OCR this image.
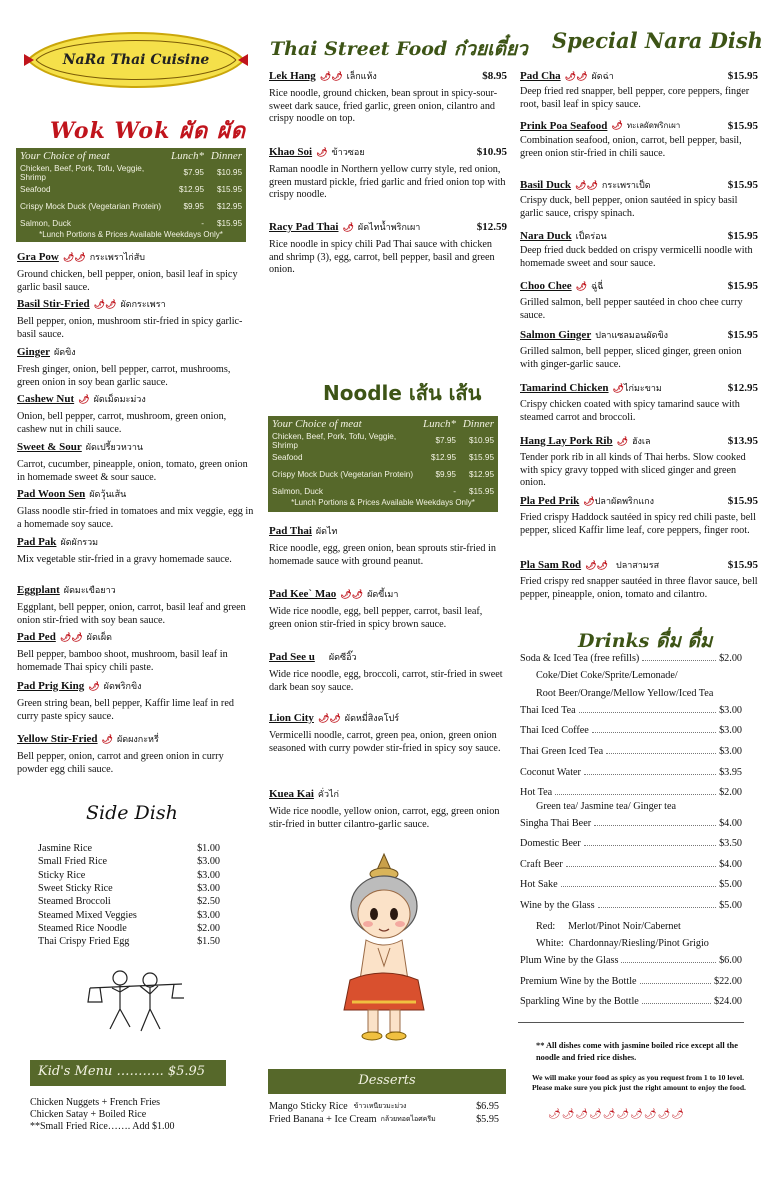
NaRa Thai Cuisine
Wok Wok ผัด ผัด
Your Choice of meat	Lunch* Dinner
Chicken, Beef, Pork, Tofu, Veggie, Shrimp	$7.95	$10.95
Seafood	$12.95	$15.95
Crispy Mock Duck (Vegetarian Protein)	$9.95	$12.95
Salmon, Duck	-	$15.95
*Lunch Portions & Prices Available Weekdays Only*
Gra Pow 🌶🌶 กระเพราไก่สับ
Ground chicken, bell pepper, onion, basil leaf in spicy garlic basil sauce.
Basil Stir-Fried 🌶🌶 ผัดกระเพรา
Bell pepper, onion, mushroom stir-fried in spicy garlic-basil sauce.
Ginger ผัดขิง
Fresh ginger, onion, bell pepper, carrot, mushrooms, green onion in soy bean garlic sauce.
Cashew Nut 🌶 ผัดเม็ดมะม่วง
Onion, bell pepper, carrot, mushroom, green onion, cashew nut in chili sauce.
Sweet & Sour ผัดเปรี้ยวหวาน
Carrot, cucumber, pineapple, onion, tomato, green onion in homemade sweet & sour sauce.
Pad Woon Sen ผัดวุ้นเส้น
Glass noodle stir-fried in tomatoes and mix veggie, egg in a homemade soy sauce.
Pad Pak ผัดผักรวม
Mix vegetable stir-fried in a gravy homemade sauce.
Eggplant ผัดมะเขือยาว
Eggplant, bell pepper, onion, carrot, basil leaf and green onion stir-fried with soy bean sauce.
Pad Ped 🌶🌶 ผัดเผ็ด
Bell pepper, bamboo shoot, mushroom, basil leaf in homemade Thai spicy chili paste.
Pad Prig King 🌶 ผัดพริกขิง
Green string bean, bell pepper, Kaffir lime leaf in red curry paste spicy sauce.
Yellow Stir-Fried 🌶 ผัดผงกะหรี่
Bell pepper, onion, carrot and green onion in curry powder egg chili sauce.
Side Dish
Jasmine Rice	$1.00
Small Fried Rice	$3.00
Sticky Rice	$3.00
Sweet Sticky Rice	$3.00
Steamed Broccoli	$2.50
Steamed Mixed Veggies	$3.00
Steamed Rice Noodle	$2.00
Thai Crispy Fried Egg	$1.50
Kid's Menu ……….. $5.95
Chicken Nuggets + French Fries
Chicken Satay + Boiled Rice
**Small Fried Rice……. Add $1.00
Thai Street Food ก๋วยเตี๋ยว
Lek Hang 🌶🌶 เล็กแห้ง	$8.95
Rice noodle, ground chicken, bean sprout in spicy-sour-sweet dark sauce, fried garlic, green onion, cilantro and crispy noodle on top.
Khao Soi 🌶 ข้าวซอย	$10.95
Raman noodle in Northern yellow curry style, red onion, green mustard pickle, fried garlic and fried onion top with crispy noodle.
Racy Pad Thai 🌶 ผัดไทน้ำพริกเผา	$12.59
Rice noodle in spicy chili Pad Thai sauce with chicken and shrimp (3), egg, carrot, bell pepper, basil and green onion.
Noodle เส้น เส้น
Your Choice of meat	Lunch* Dinner
Chicken, Beef, Pork, Tofu, Veggie, Shrimp	$7.95	$10.95
Seafood	$12.95	$15.95
Crispy Mock Duck (Vegetarian Protein)	$9.95	$12.95
Salmon, Duck	-	$15.95
*Lunch Portions & Prices Available Weekdays Only*
Pad Thai ผัดไท
Rice noodle, egg, green onion, bean sprouts stir-fried in homemade sauce with ground peanut.
Pad Kee` Mao 🌶🌶 ผัดขี้เมา
Wide rice noodle, egg, bell pepper, carrot, basil leaf, green onion stir-fried in spicy brown sauce.
Pad See u ผัดซีอิ๊ว
Wide rice noodle, egg, broccoli, carrot, stir-fried in sweet dark bean soy sauce.
Lion City 🌶🌶 ผัดหมี่สิงคโปร์
Vermicelli noodle, carrot, green pea, onion, green onion seasoned with curry powder stir-fried in spicy soy sauce.
Kuea Kai คั่วไก่
Wide rice noodle, yellow onion, carrot, egg, green onion stir-fried in butter cilantro-garlic sauce.
Desserts
Mango Sticky Rice ข้าวเหนียวมะม่วง	$6.95
Fried Banana + Ice Cream กล้วยทอดไอศครีม	$5.95
Special Nara Dish
Pad Cha 🌶🌶 ผัดฉ่า	$15.95
Deep fried red snapper, bell pepper, core peppers, finger root, basil leaf in spicy sauce.
Prink Poa Seafood 🌶 ทะเลผัดพริกเผา	$15.95
Combination seafood, onion, carrot, bell pepper, basil, green onion stir-fried in chili sauce.
Basil Duck 🌶🌶 กระเพราเป็ด	$15.95
Crispy duck, bell pepper, onion sautéed in spicy basil garlic sauce, crispy spinach.
Nara Duck เป็ดร่อน	$15.95
Deep fried duck bedded on crispy vermicelli noodle with homemade sweet and sour sauce.
Choo Chee 🌶 ฉู่ฉี่	$15.95
Grilled salmon, bell pepper sautéed in choo chee curry sauce.
Salmon Ginger ปลาแซลมอนผัดขิง	$15.95
Grilled salmon, bell pepper, sliced ginger, green onion with ginger-garlic sauce.
Tamarind Chicken 🌶 ไก่มะขาม	$12.95
Crispy chicken coated with spicy tamarind sauce with steamed carrot and broccoli.
Hang Lay Pork Rib 🌶 ฮังเล	$13.95
Tender pork rib in all kinds of Thai herbs. Slow cooked with spicy gravy topped with sliced ginger and green onion.
Pla Ped Prik 🌶 ปลาผัดพริกแกง	$15.95
Fried crispy Haddock sautéed in spicy red chili paste, bell pepper, sliced Kaffir lime leaf, core peppers, finger root.
Pla Sam Rod 🌶🌶 ปลาสามรส	$15.95
Fried crispy red snapper sautéed in three flavor sauce, bell pepper, pineapple, onion, tomato and cilantro.
Drinks ดื่ม ดื่ม
Soda & Iced Tea (free refills)	$2.00
Coke/Diet Coke/Sprite/Lemonade/
Root Beer/Orange/Mellow Yellow/Iced Tea
Thai Iced Tea	$3.00
Thai Iced Coffee	$3.00
Thai Green Iced Tea	$3.00
Coconut Water	$3.95
Hot Tea	$2.00
Green tea/ Jasmine tea/ Ginger tea
Singha Thai Beer	$4.00
Domestic Beer	$3.50
Craft Beer	$4.00
Hot Sake	$5.00
Wine by the Glass	$5.00
Red:     Merlot/Pinot Noir/Cabernet
White:  Chardonnay/Riesling/Pinot Grigio
Plum Wine by the Glass	$6.00
Premium Wine by the Bottle	$22.00
Sparkling Wine by the Bottle	$24.00
** All dishes come with jasmine boiled rice except all the noodle and fried rice dishes.
We will make your food as spicy as you request from 1 to 10 level. Please make sure you pick just the right amount to enjoy the food.
🌶🌶🌶🌶🌶🌶🌶🌶🌶🌶
